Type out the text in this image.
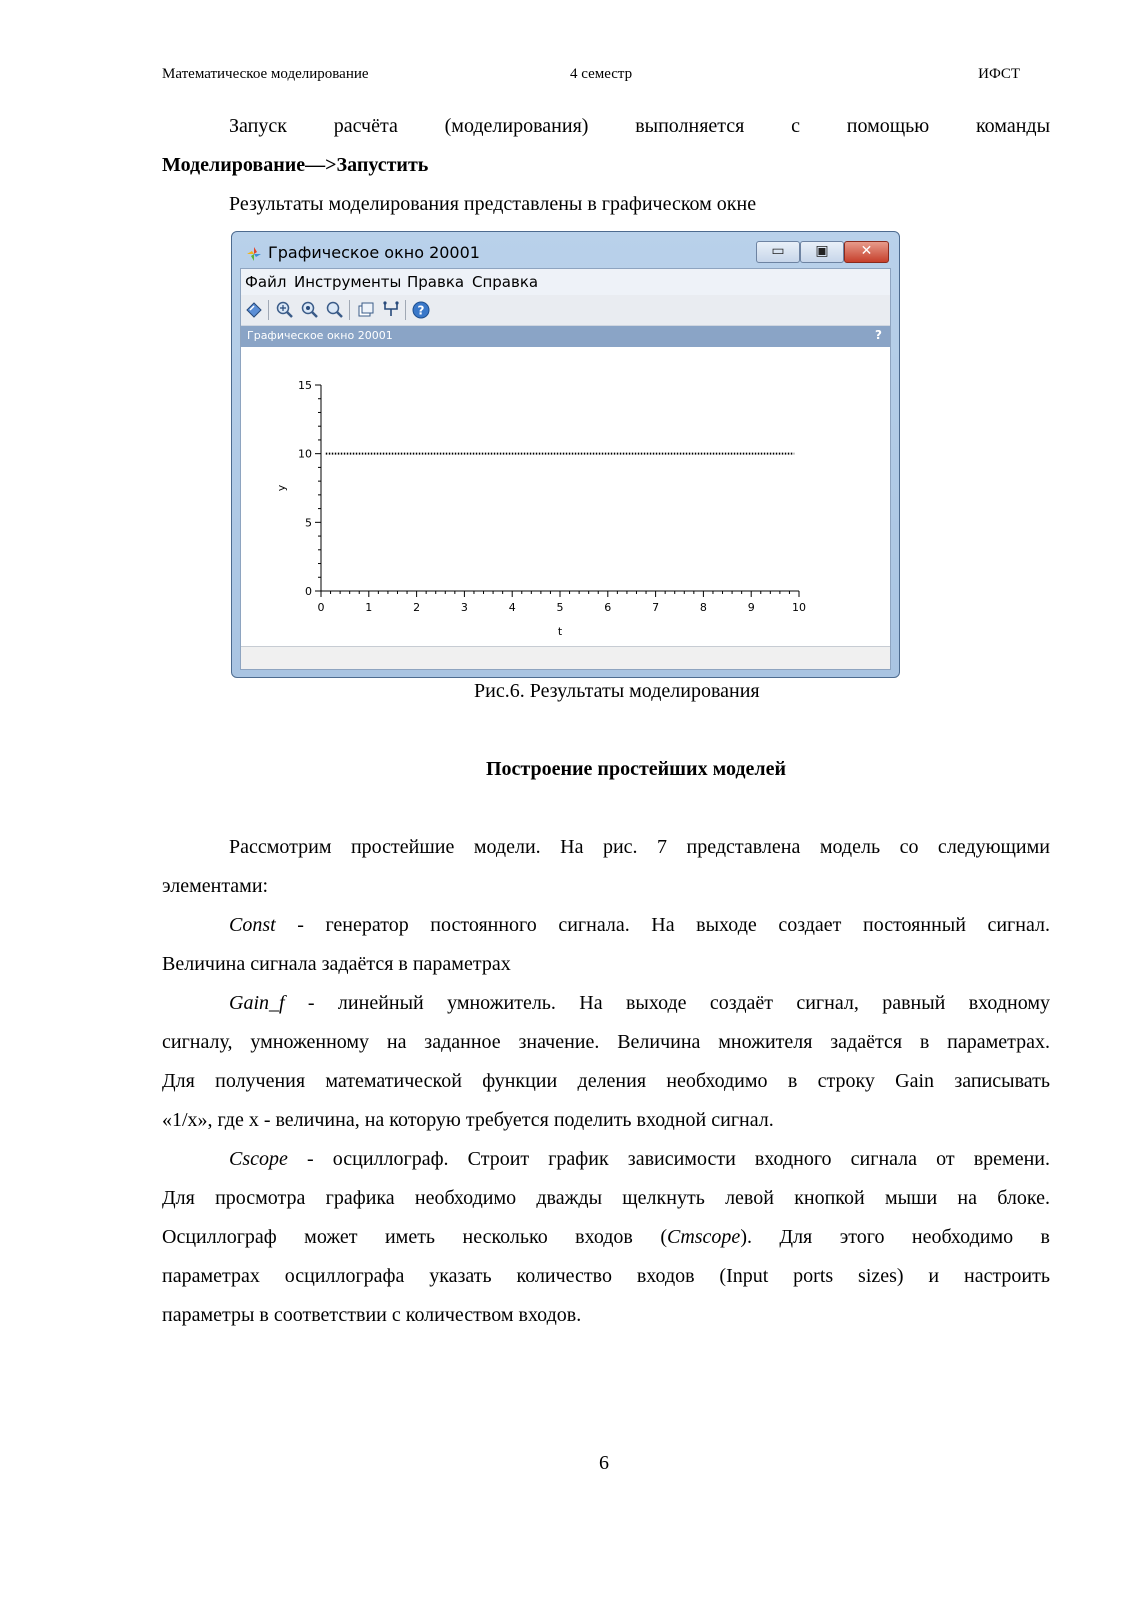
Математическое моделирование	4 семестр	ИФСТ
Запуск расчёта (моделирования) выполняется с помощью команды
Моделирование—>Запустить
Результаты моделирования представлены в графическом окне
Графическое окно 20001	▭	▣	✕
Файл Инструменты Правка Справка
?
Графическое окно 20001	?
0	1	2	3	4	5	6	7	8	9	10
0
5
10
15
t
y
Рис.6. Результаты моделирования
Построение простейших моделей
Рассмотрим простейшие модели. На рис. 7 представлена модель со следующими
элементами:
Const - генератор постоянного сигнала. На выходе создает постоянный сигнал.
Величина сигнала задаётся в параметрах
Gain_f - линейный умножитель. На выходе создаёт сигнал, равный входному
сигналу, умноженному на заданное значение. Величина множителя задаётся в параметрах.
Для получения математической функции деления необходимо в строку Gain записывать
«1/x», где x - величина, на которую требуется поделить входной сигнал.
Cscope - осциллограф. Строит график зависимости входного сигнала от времени.
Для просмотра графика необходимо дважды щелкнуть левой кнопкой мыши на блоке.
Осциллограф может иметь несколько входов (Cmscope). Для этого необходимо в
параметрах осциллографа указать количество входов (Input ports sizes) и настроить
параметры в соответствии с количеством входов.
6
